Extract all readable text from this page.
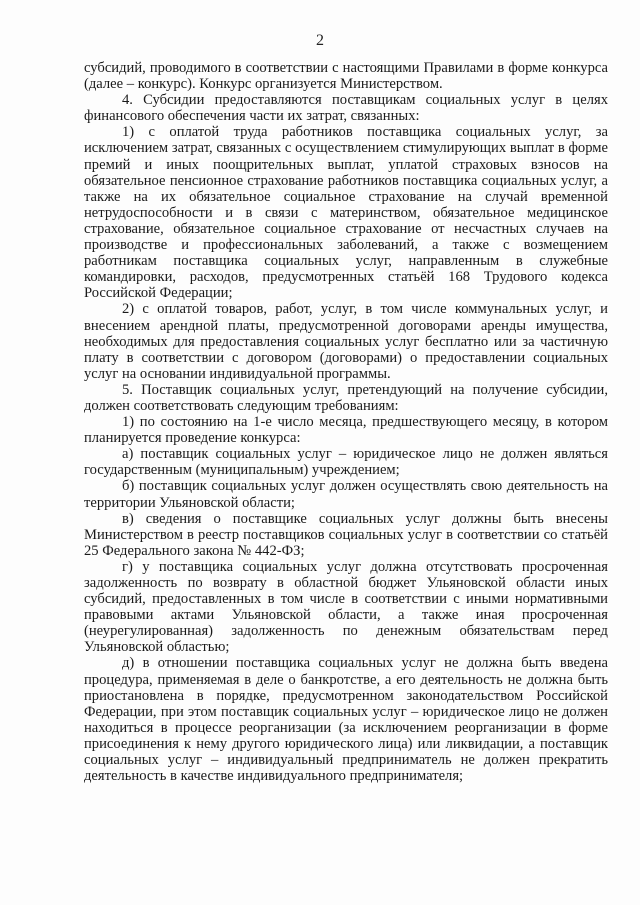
2

субсидий, проводимого в соответствии с настоящими Правилами в форме конкурса (далее – конкурс). Конкурс организуется Министерством.

4. Субсидии предоставляются поставщикам социальных услуг в целях финансового обеспечения части их затрат, связанных:

1) с оплатой труда работников поставщика социальных услуг, за исключением затрат, связанных с осуществлением стимулирующих выплат в форме премий и иных поощрительных выплат, уплатой страховых взносов на обязательное пенсионное страхование работников поставщика социальных услуг, а также на их обязательное социальное страхование на случай временной нетрудоспособности и в связи с материнством, обязательное медицинское страхование, обязательное социальное страхование от несчастных случаев на производстве и профессиональных заболеваний, а также с возмещением работникам поставщика социальных услуг, направленным в служебные командировки, расходов, предусмотренных статьёй 168 Трудового кодекса Российской Федерации;

2) с оплатой товаров, работ, услуг, в том числе коммунальных услуг, и внесением арендной платы, предусмотренной договорами аренды имущества, необходимых для предоставления социальных услуг бесплатно или за частичную плату в соответствии с договором (договорами) о предоставлении социальных услуг на основании индивидуальной программы.

5. Поставщик социальных услуг, претендующий на получение субсидии, должен соответствовать следующим требованиям:

1) по состоянию на 1-е число месяца, предшествующего месяцу, в котором планируется проведение конкурса:

а) поставщик социальных услуг – юридическое лицо не должен являться государственным (муниципальным) учреждением;

б) поставщик социальных услуг должен осуществлять свою деятельность на территории Ульяновской области;

в) сведения о поставщике социальных услуг должны быть внесены Министерством в реестр поставщиков социальных услуг в соответствии со статьёй 25 Федерального закона № 442-ФЗ;

г) у поставщика социальных услуг должна отсутствовать просроченная задолженность по возврату в областной бюджет Ульяновской области иных субсидий, предоставленных в том числе в соответствии с иными нормативными правовыми актами Ульяновской области, а также иная просроченная (неурегулированная) задолженность по денежным обязательствам перед Ульяновской областью;

д) в отношении поставщика социальных услуг не должна быть введена процедура, применяемая в деле о банкротстве, а его деятельность не должна быть приостановлена в порядке, предусмотренном законодательством Российской Федерации, при этом поставщик социальных услуг – юридическое лицо не должен находиться в процессе реорганизации (за исключением реорганизации в форме присоединения к нему другого юридического лица) или ликвидации, а поставщик социальных услуг – индивидуальный предприниматель не должен прекратить деятельность в качестве индивидуального предпринимателя;
